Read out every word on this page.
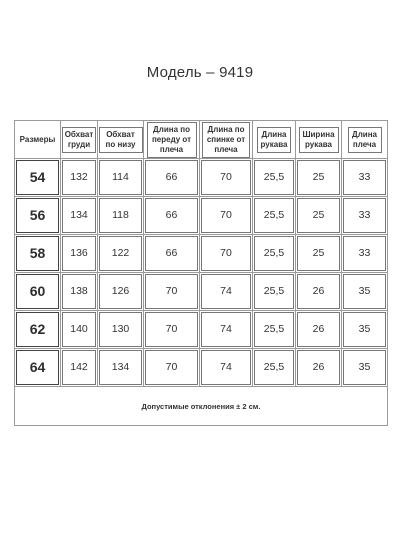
Модель – 9419
Размеры	Обхват груди	Обхват по низу	Длина по переду от плеча	Длина по спинке от плеча	Длина рукава	Ширина рукава	Длина плеча

54	132	114	66	70	25,5	25	33

56	134	118	66	70	25,5	25	33

58	136	122	66	70	25,5	25	33

60	138	126	70	74	25,5	26	35

62	140	130	70	74	25,5	26	35

64	142	134	70	74	25,5	26	35

Допустимые отклонения ± 2 см.							
